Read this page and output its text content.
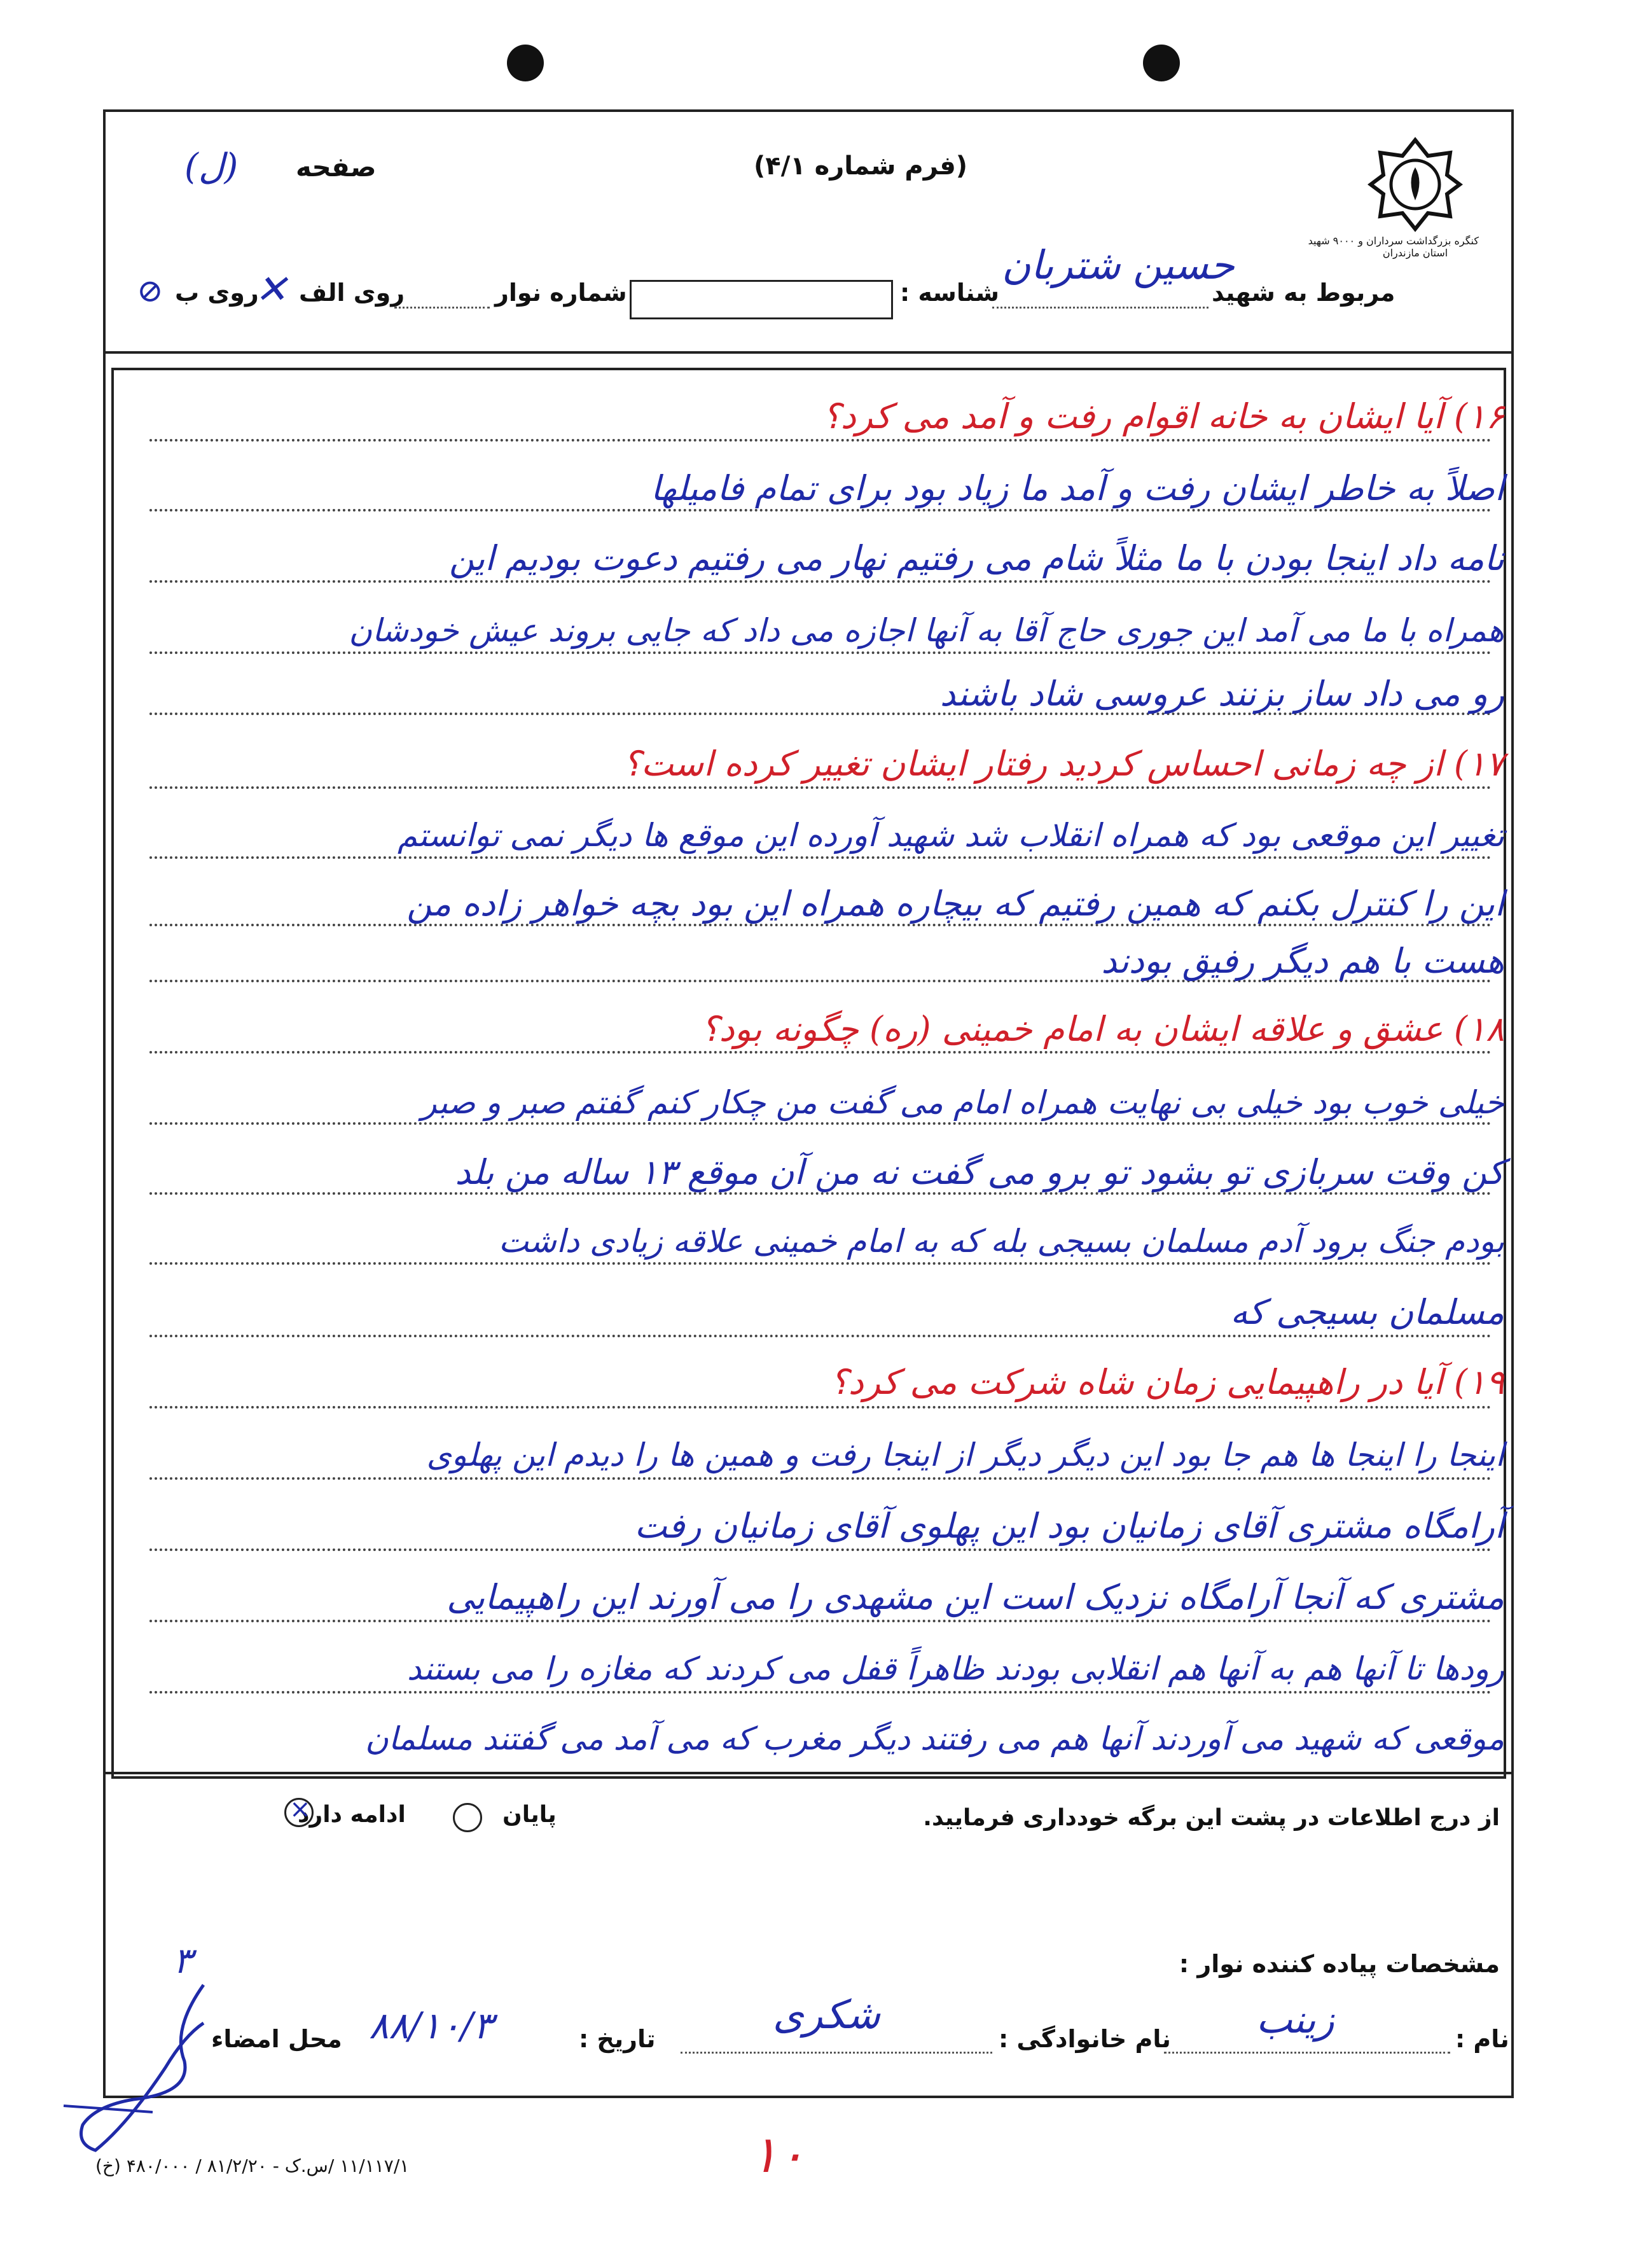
کنگره بزرگداشت سرداران و ۹۰۰۰ شهید
استان مازندران
صفحه
(ل)	(فرم شماره ۴/۱)
مربوط به شهید
حسین شتربان
شناسه :
شماره نوار
روی الف
✕
روی ب
⊘
۱۶) آیا ایشان به خانه اقوام رفت و آمد می کرد؟
اصلاً به خاطر ایشان رفت و آمد ما زیاد بود برای تمام فامیلها
نامه داد اینجا بودن با ما مثلاً شام می رفتیم نهار می رفتیم دعوت بودیم این
همراه با ما می آمد این جوری حاج آقا به آنها اجازه می داد که جایی بروند عیش خودشان
رو می داد ساز بزنند عروسی شاد باشند
۱۷) از چه زمانی احساس کردید رفتار ایشان تغییر کرده است؟
تغییر این موقعی بود که همراه انقلاب شد شهید آورده این موقع ها دیگر نمی توانستم
این را کنترل بکنم که همین رفتیم که بیچاره همراه این بود بچه خواهر زاده من
هست با هم دیگر رفیق بودند
۱۸) عشق و علاقه ایشان به امام خمینی (ره) چگونه بود؟
خیلی خوب بود خیلی بی نهایت همراه امام می گفت من چکار کنم گفتم صبر و صبر
کن وقت سربازی تو بشود تو برو می گفت نه من آن موقع ۱۳ ساله من بلد
بودم جنگ برود آدم مسلمان بسیجی بله که به امام خمینی علاقه زیادی داشت
مسلمان بسیجی که
۱۹) آیا در راهپیمایی زمان شاه شرکت می کرد؟
اینجا را اینجا ها هم جا بود این دیگر دیگر از اینجا رفت و همین ها را دیدم این پهلوی
آرامگاه مشتری آقای زمانیان بود این پهلوی آقای زمانیان رفت
مشتری که آنجا آرامگاه نزدیک است این مشهدی را می آورند این راهپیمایی
رودها تا آنها هم به آنها هم انقلابی بودند ظاهراً قفل می کردند که مغازه را می بستند
موقعی که شهید می آوردند آنها هم می رفتند دیگر مغرب که می آمد می گفتند مسلمان
از درج اطلاعات در پشت این برگه خودداری فرمایید.
پایان

ادامه دارد
×
مشخصات پیاده کننده نوار :
نام :
زینب
نام خانوادگی :
شکری
تاریخ :
۸۸/۱۰/۳
محل امضاء
۳
۱۰
۱۱/۱۱۷/۱ /س.ک - ۸۱/۲/۲۰ / ۴۸۰/۰۰۰ (خ)
